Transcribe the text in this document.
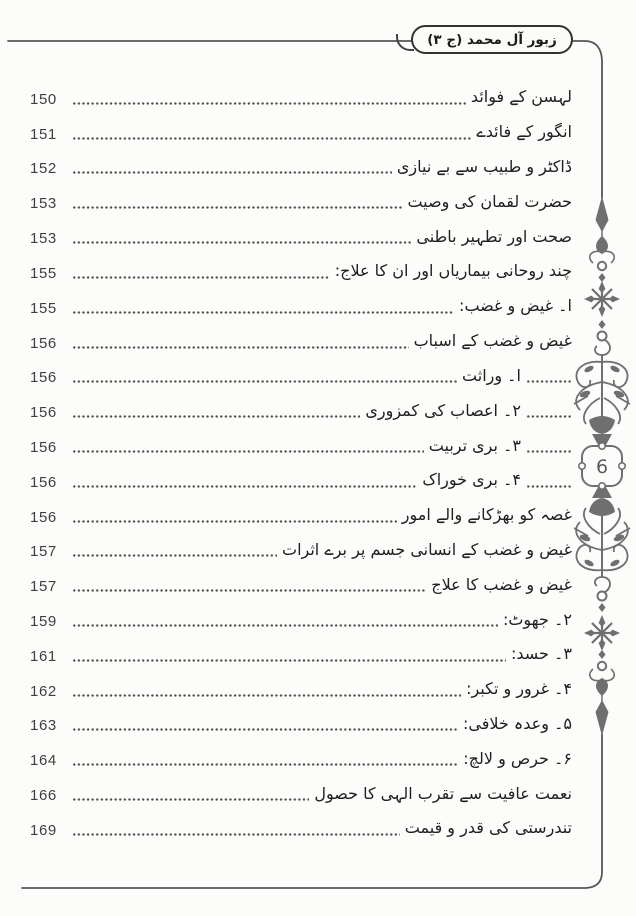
6
زبور آل محمد (ج ۳)
150	لہسن کے فوائد
151	انگور کے فائدے
152	ڈاکٹر و طبیب سے بے نیازی
153	حضرت لقمان کی وصیت
153	صحت اور تطہیر باطنی
155	چند روحانی بیماریاں اور ان کا علاج:
155	ا۔ غیض و غضب:
156	غیض و غضب کے اسباب
156	ا۔ وراثت
156	۲۔ اعصاب کی کمزوری
156	۳۔ بری تربیت
156	۴۔ بری خوراک
156	غصہ کو بھڑکانے والے امور
157	غیض و غضب کے انسانی جسم پر برے اثرات
157	غیض و غضب کا علاج
159	۲۔ جھوٹ:
161	۳۔ حسد:
162	۴۔ غرور و تکبر:
163	۵۔ وعدہ خلافی:
164	۶۔ حرص و لالچ:
166	نعمت عافیت سے تقرب الہی کا حصول
169	تندرستی کی قدر و قیمت
